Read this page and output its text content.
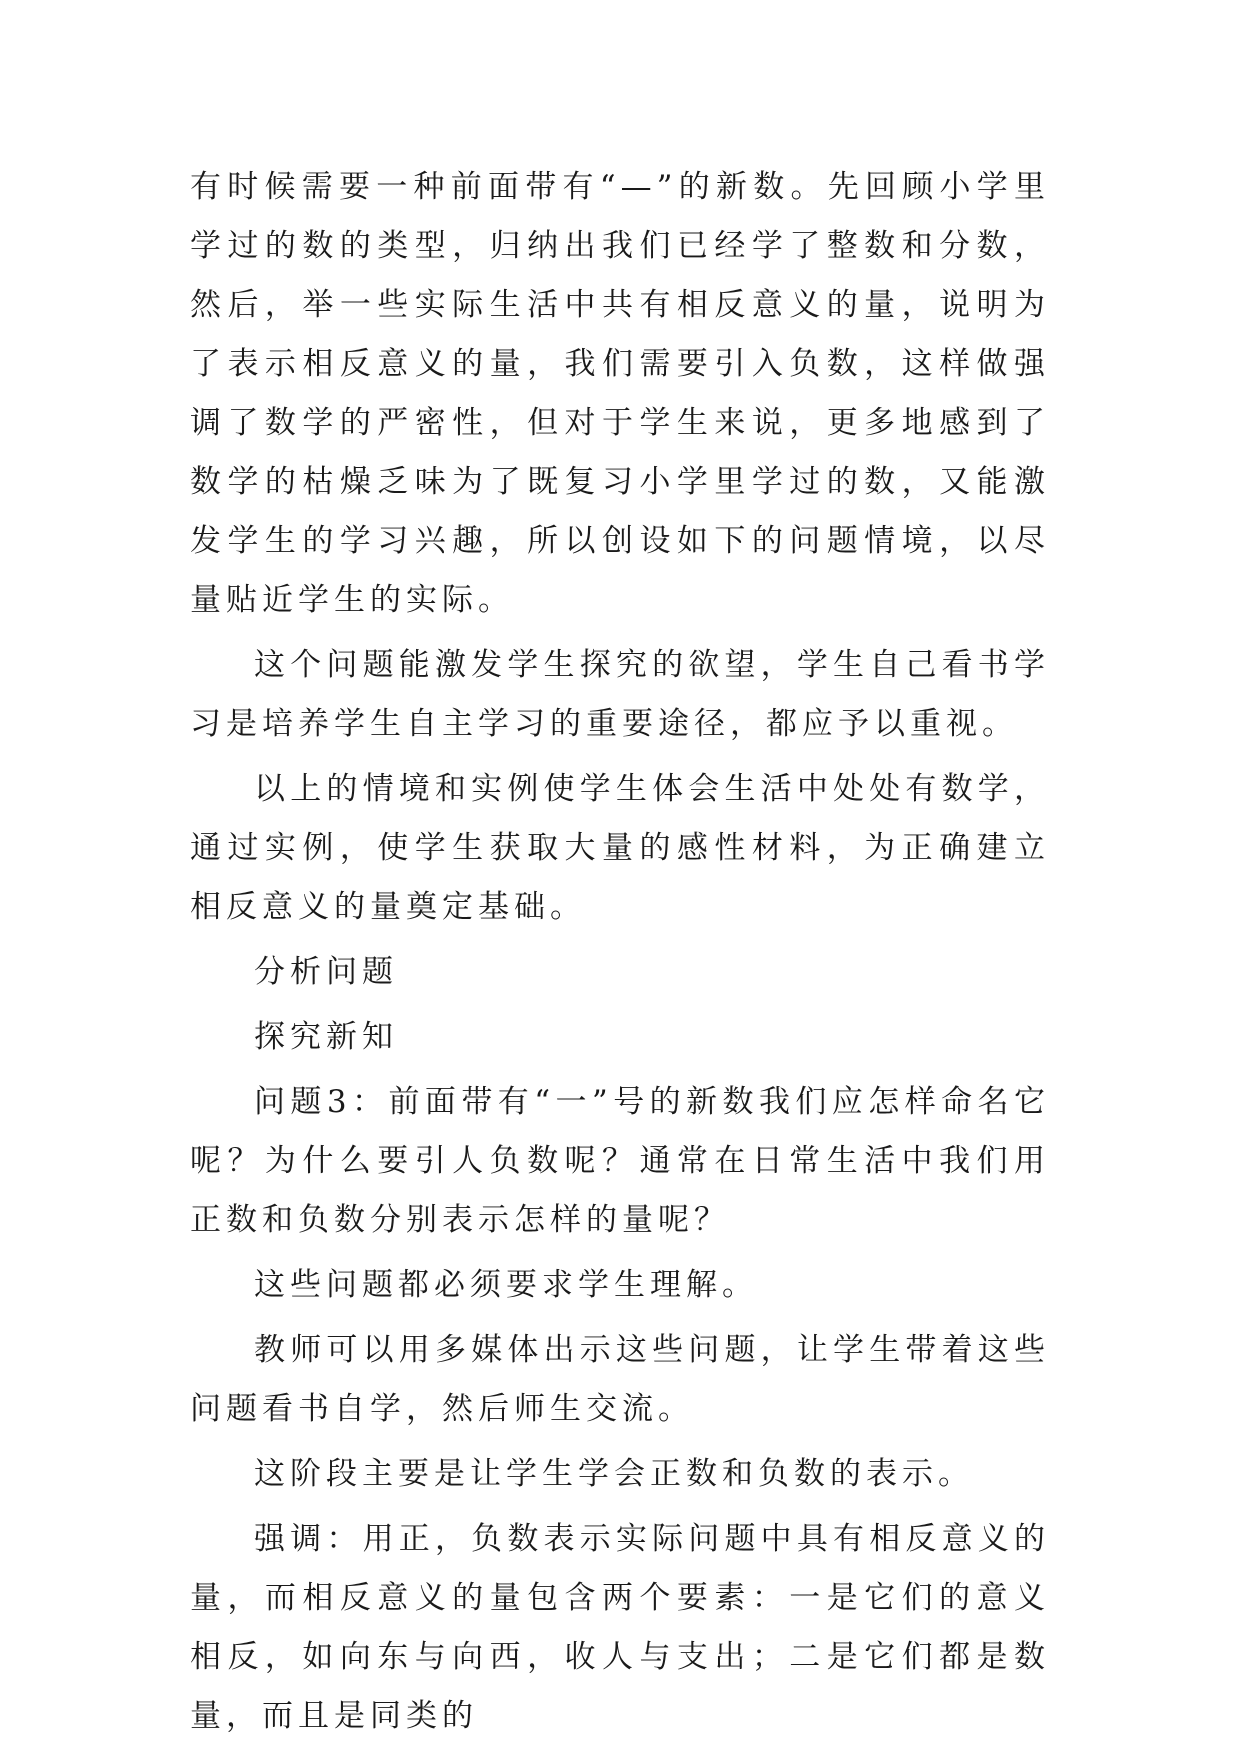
有时候需要一种前面带有“—”的新数。先回顾小学里学过的数的类型，归纳出我们已经学了整数和分数，然后，举一些实际生活中共有相反意义的量，说明为了表示相反意义的量，我们需要引入负数，这样做强调了数学的严密性，但对于学生来说，更多地感到了数学的枯燥乏味为了既复习小学里学过的数，又能激发学生的学习兴趣，所以创设如下的问题情境，以尽量贴近学生的实际。

这个问题能激发学生探究的欲望，学生自己看书学习是培养学生自主学习的重要途径，都应予以重视。

以上的情境和实例使学生体会生活中处处有数学，通过实例，使学生获取大量的感性材料，为正确建立相反意义的量奠定基础。

分析问题

探究新知

问题3：前面带有“一”号的新数我们应怎样命名它呢？为什么要引人负数呢？通常在日常生活中我们用正数和负数分别表示怎样的量呢？

这些问题都必须要求学生理解。

教师可以用多媒体出示这些问题，让学生带着这些问题看书自学，然后师生交流。

这阶段主要是让学生学会正数和负数的表示。

强调：用正，负数表示实际问题中具有相反意义的量，而相反意义的量包含两个要素：一是它们的意义相反，如向东与向西，收人与支出；二是它们都是数量，而且是同类的
